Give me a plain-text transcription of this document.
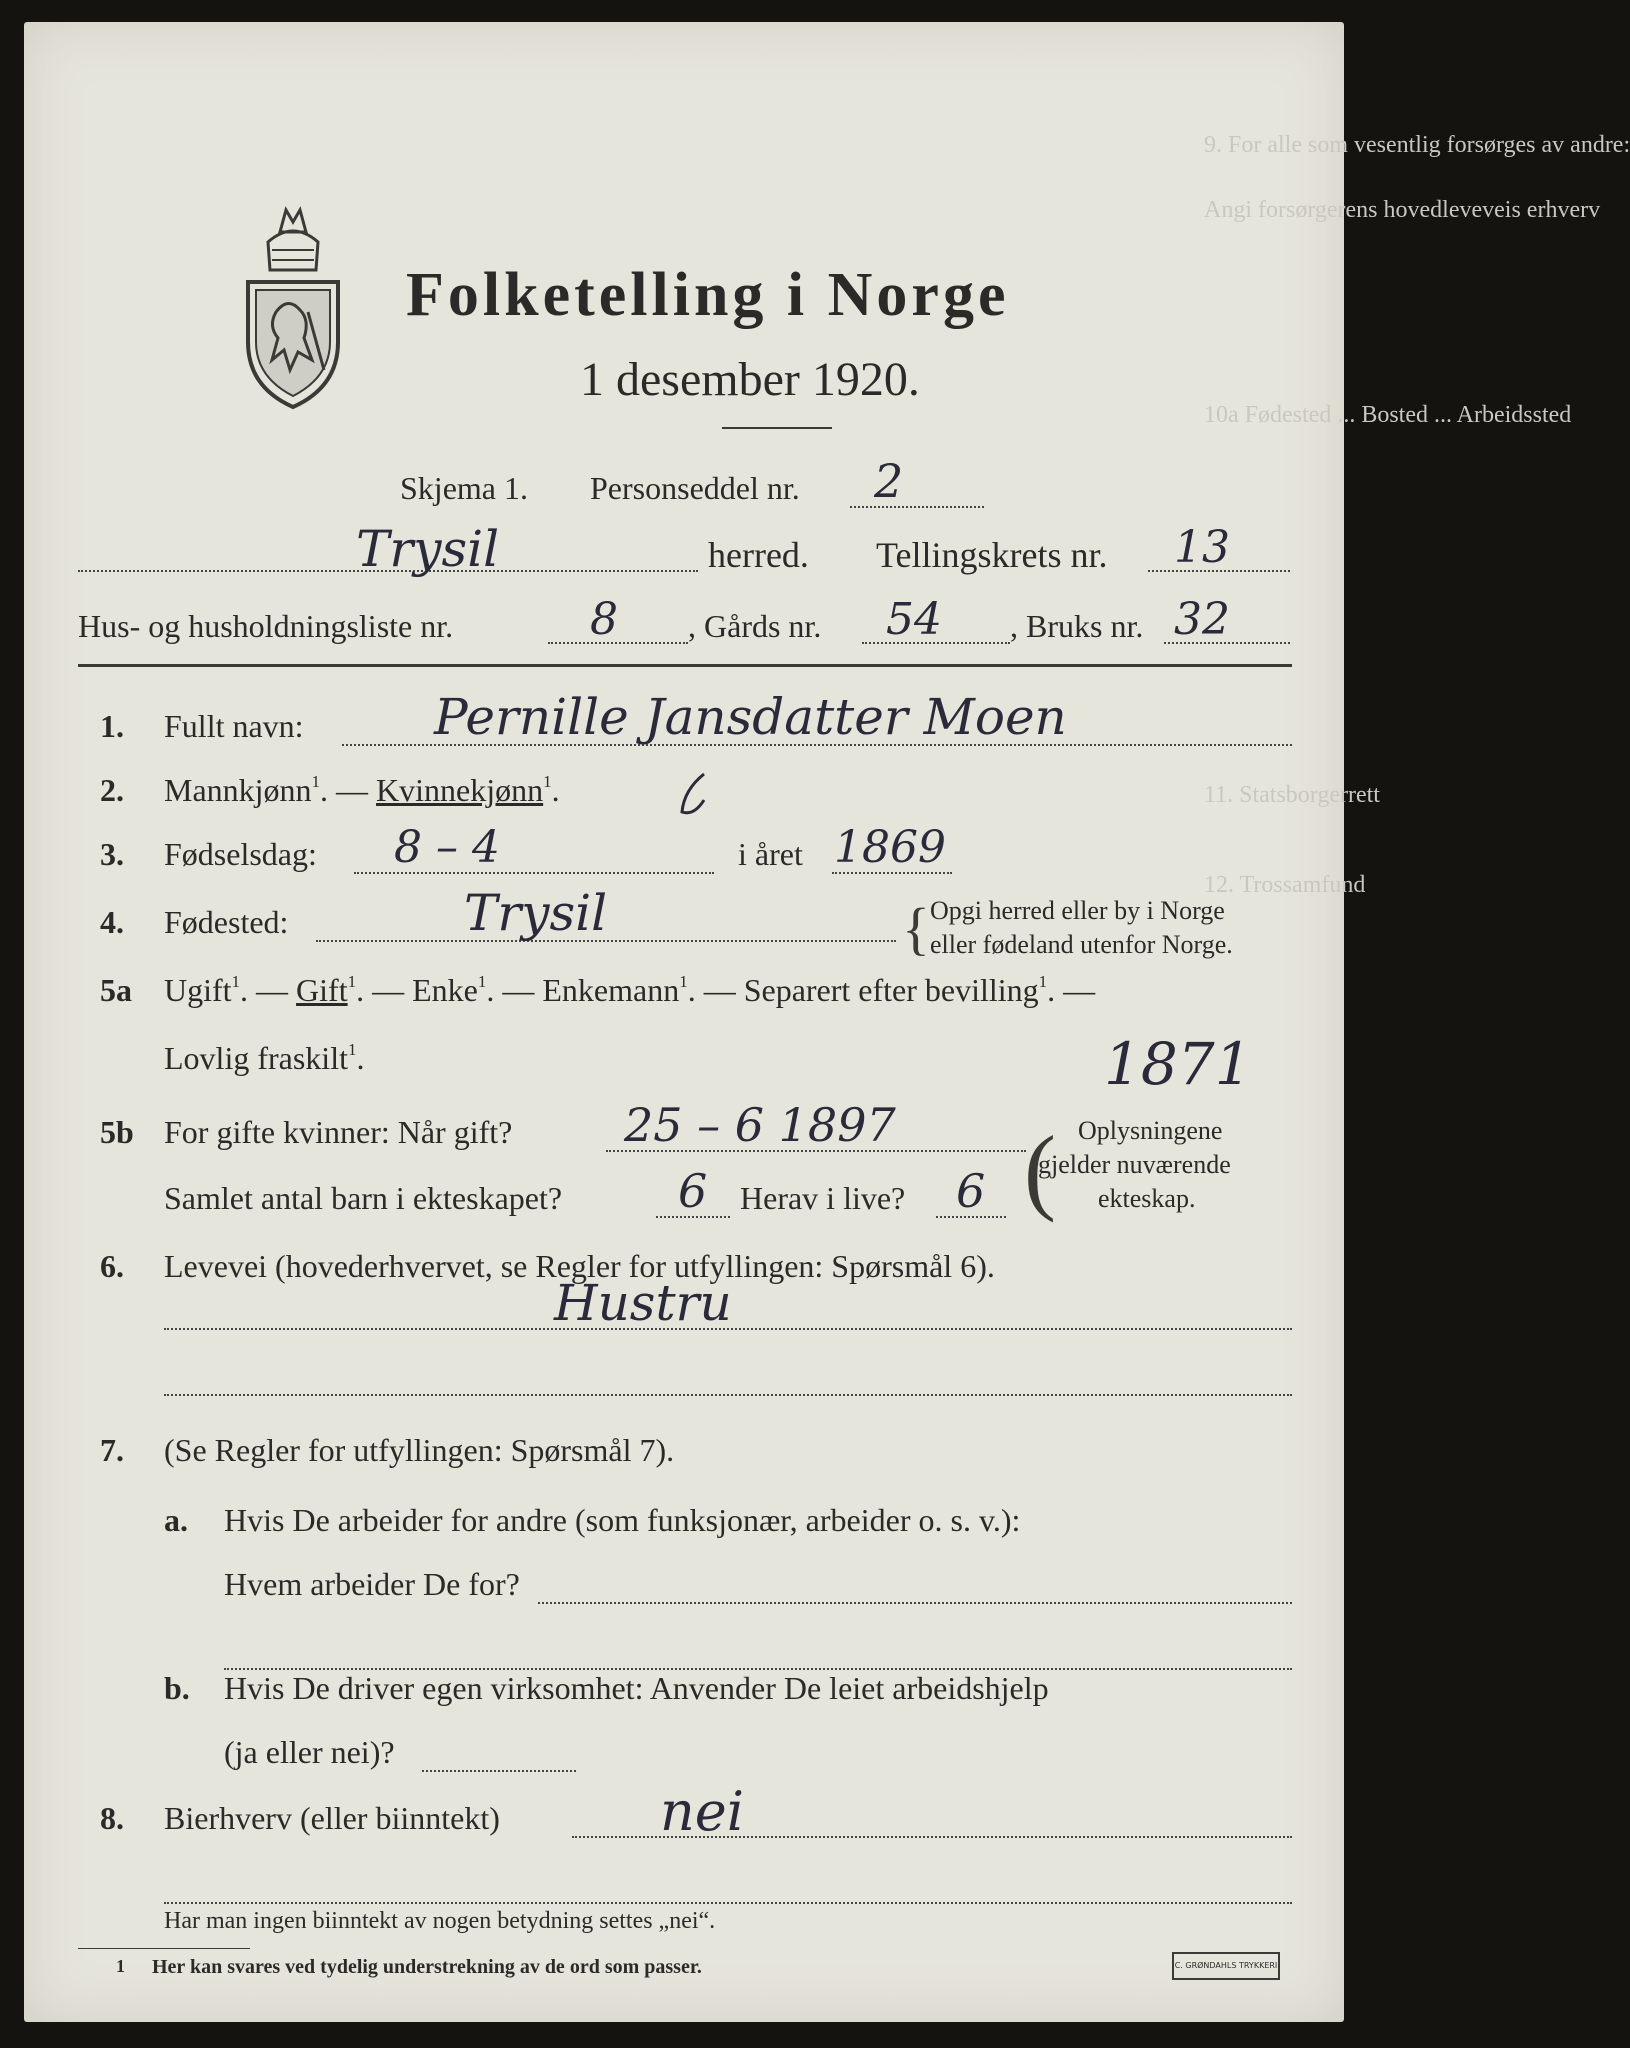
9. For alle som vesentlig forsørges av andre:
Angi forsørgerens hovedleveveis erhverv
10a Fødested ... Bosted ... Arbeidssted
11. Statsborgerrett
12. Trossamfund
Folketelling i Norge
1 desember 1920.
Skjema 1. Personseddel nr. 2
Trysil	herred. Tellingskrets nr. 13
Hus- og husholdningsliste nr.	8 , Gårds nr. 54 , Bruks nr. 32
1. Fullt navn:	Pernille Jansdatter Moen
2. Mannkjønn$^1$. — Kvinnekjønn$^1$.
3. Fødselsdag: 8 – 4	i året 1869
4. Fødested:	Trysil	{ Opgi herred eller by i Norge
eller fødeland utenfor Norge.
5a Ugift$^1$. — Gift$^1$. — Enke$^1$. — Enkemann$^1$. — Separert efter bevilling$^1$. —
Lovlig fraskilt$^1$.	1871
5b For gifte kvinner: Når gift? 25 – 6 1897
Samlet antal barn i ekteskapet?	6 Herav i live? 6 ( Oplysningene
gjelder nuværende
ekteskap.
6. Levevei (hovederhvervet, se Regler for utfyllingen: Spørsmål 6).
Hustru
7. (Se Regler for utfyllingen: Spørsmål 7).
a. Hvis De arbeider for andre (som funksjonær, arbeider o. s. v.):
Hvem arbeider De for?
b. Hvis De driver egen virksomhet: Anvender De leiet arbeidshjelp
(ja eller nei)?
8. Bierhverv (eller biinntekt)	nei
Har man ingen biinntekt av nogen betydning settes „nei“.
1 Her kan svares ved tydelig understrekning av de ord som passer.	C. GRØNDAHLS TRYKKERI
